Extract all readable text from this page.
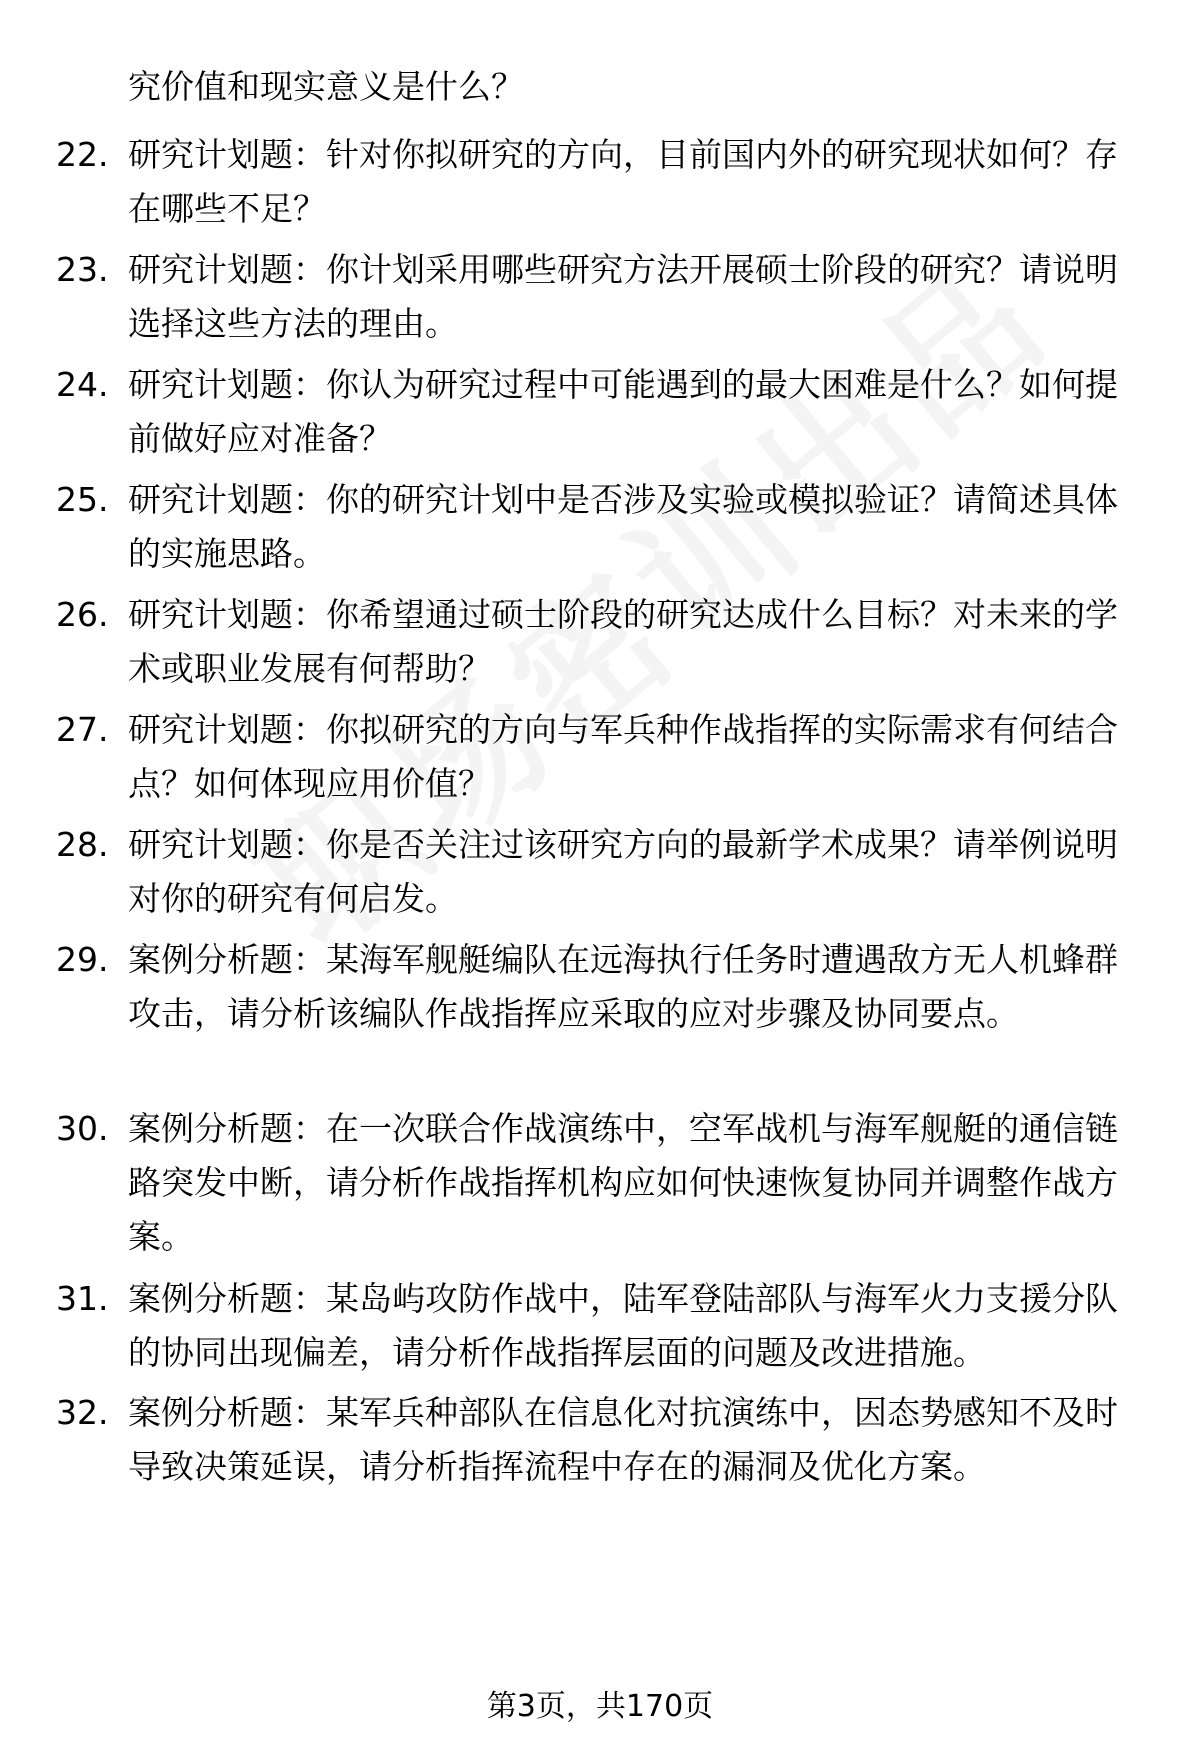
究价值和现实意义是什么？
22. 研究计划题：针对你拟研究的方向，目前国内外的研究现状如何？存在哪些不足？
23. 研究计划题：你计划采用哪些研究方法开展硕士阶段的研究？请说明选择这些方法的理由。
24. 研究计划题：你认为研究过程中可能遇到的最大困难是什么？如何提前做好应对准备？
25. 研究计划题：你的研究计划中是否涉及实验或模拟验证？请简述具体的实施思路。
26. 研究计划题：你希望通过硕士阶段的研究达成什么目标？对未来的学术或职业发展有何帮助？
27. 研究计划题：你拟研究的方向与军兵种作战指挥的实际需求有何结合点？如何体现应用价值？
28. 研究计划题：你是否关注过该研究方向的最新学术成果？请举例说明对你的研究有何启发。
29. 案例分析题：某海军舰艇编队在远海执行任务时遭遇敌方无人机蜂群攻击，请分析该编队作战指挥应采取的应对步骤及协同要点。
30. 案例分析题：在一次联合作战演练中，空军战机与海军舰艇的通信链路突发中断，请分析作战指挥机构应如何快速恢复协同并调整作战方案。
31. 案例分析题：某岛屿攻防作战中，陆军登陆部队与海军火力支援分队的协同出现偏差，请分析作战指挥层面的问题及改进措施。
32. 案例分析题：某军兵种部队在信息化对抗演练中，因态势感知不及时导致决策延误，请分析指挥流程中存在的漏洞及优化方案。
第3页，共170页
